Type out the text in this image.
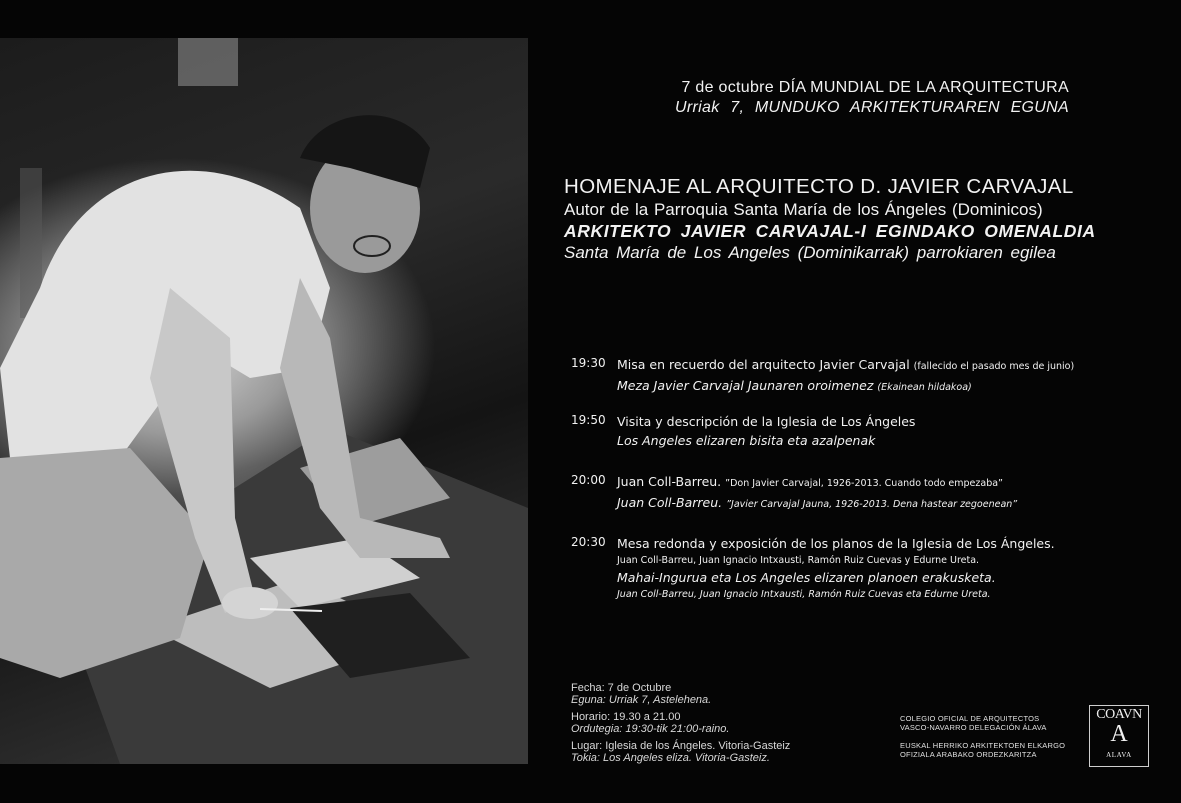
7 de octubre DÍA MUNDIAL DE LA ARQUITECTURA
Urriak 7, MUNDUKO ARKITEKTURAREN EGUNA
HOMENAJE AL ARQUITECTO D. JAVIER CARVAJAL
Autor de la Parroquia Santa María de los Ángeles (Dominicos)
ARKITEKTO JAVIER CARVAJAL-I EGINDAKO OMENALDIA
Santa María de Los Angeles (Dominikarrak) parrokiaren egilea
19:30 Misa en recuerdo del arquitecto Javier Carvajal (fallecido el pasado mes de junio)
Meza Javier Carvajal Jaunaren oroimenez (Ekainean hildakoa)
19:50 Visita y descripción de la Iglesia de Los Ángeles
Los Angeles elizaren bisita eta azalpenak
20:00 Juan Coll-Barreu. ”Don Javier Carvajal, 1926-2013. Cuando todo empezaba”
Juan Coll-Barreu. ”Javier Carvajal Jauna, 1926-2013. Dena hastear zegoenean”
20:30 Mesa redonda y exposición de los planos de la Iglesia de Los Ángeles.
Juan Coll-Barreu, Juan Ignacio Intxausti, Ramón Ruiz Cuevas y Edurne Ureta.
Mahai-Ingurua eta Los Angeles elizaren planoen erakusketa.
Juan Coll-Barreu, Juan Ignacio Intxausti, Ramón Ruiz Cuevas eta Edurne Ureta.
Fecha: 7 de Octubre
Eguna: Urriak 7, Astelehena.
Horario: 19.30 a 21.00
Ordutegia: 19:30-tik 21:00-raino.
Lugar: Iglesia de los Ángeles. Vitoria-Gasteiz
Tokia: Los Angeles eliza. Vitoria-Gasteiz.
COLEGIO OFICIAL DE ARQUITECTOS
VASCO-NAVARRO DELEGACIÓN ÁLAVA
EUSKAL HERRIKO ARKITEKTOEN ELKARGO
OFIZIALA ARABAKO ORDEZKARITZA
COAVN
A
ALAVA
